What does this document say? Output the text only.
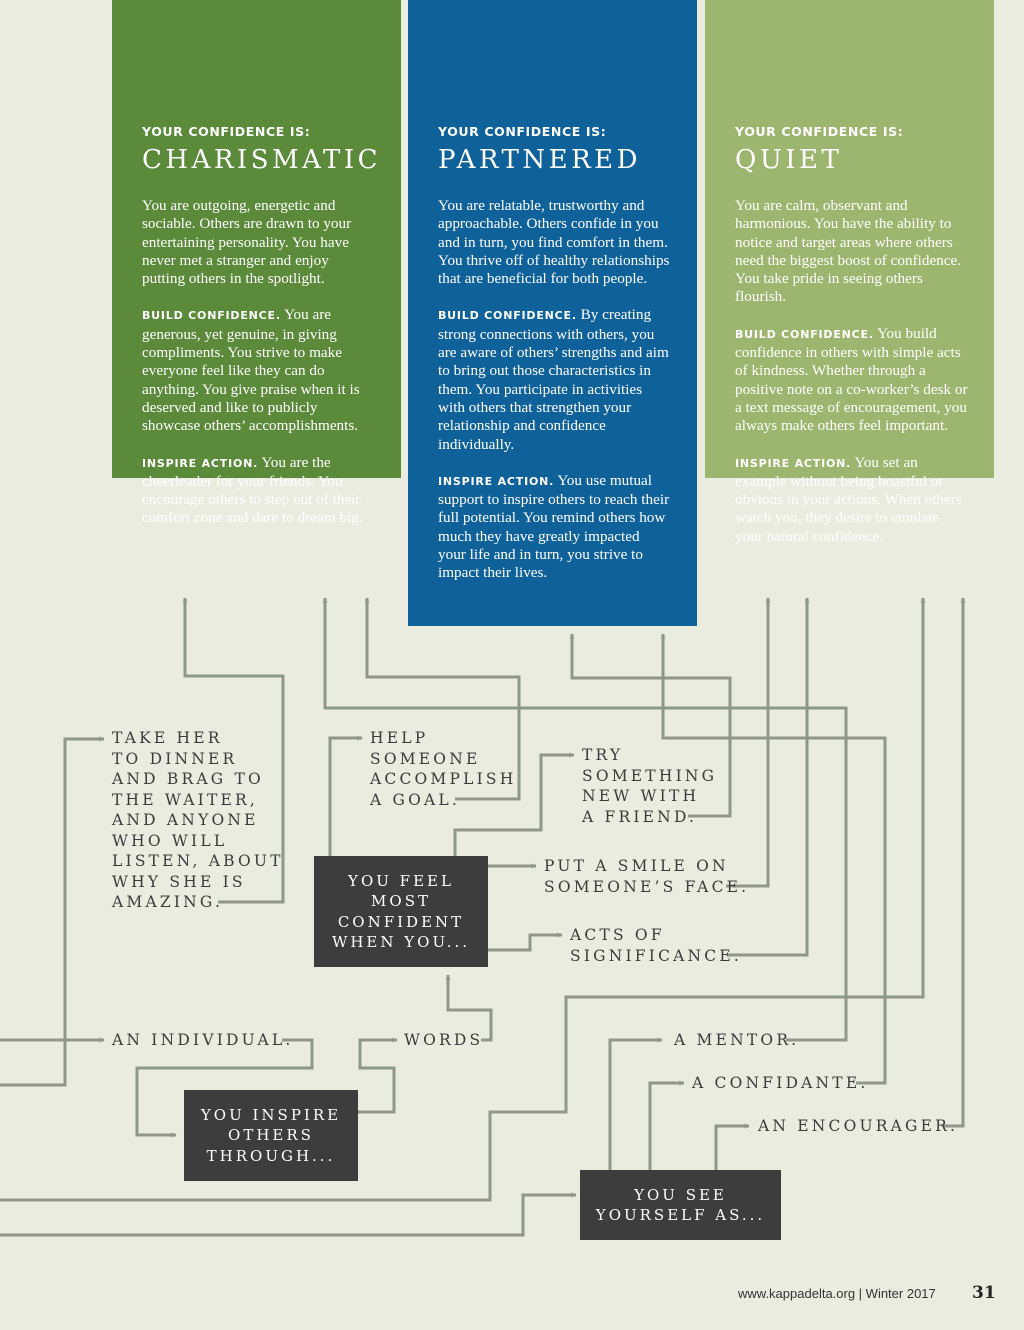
YOUR CONFIDENCE IS:
CHARISMATIC

You are outgoing, energetic and sociable. Others are drawn to your entertaining personality. You have never met a stranger and enjoy putting others in the spotlight.

BUILD CONFIDENCE. You are generous, yet genuine, in giving compliments. You strive to make everyone feel like they can do anything. You give praise when it is deserved and like to publicly showcase others’ accomplishments.

INSPIRE ACTION. You are the cheerleader for your friends. You encourage others to step out of their comfort zone and dare to dream big.

YOUR CONFIDENCE IS:
PARTNERED

You are relatable, trustworthy and approachable. Others confide in you and in turn, you find comfort in them. You thrive off of healthy relationships that are beneficial for both people.

BUILD CONFIDENCE. By creating strong connections with others, you are aware of others’ strengths and aim to bring out those characteristics in them. You participate in activities with others that strengthen your relationship and confidence individually.

INSPIRE ACTION. You use mutual support to inspire others to reach their full potential. You remind others how much they have greatly impacted your life and in turn, you strive to impact their lives.

YOUR CONFIDENCE IS:
QUIET

You are calm, observant and harmonious. You have the ability to notice and target areas where others need the biggest boost of confidence. You take pride in seeing others flourish.

BUILD CONFIDENCE. You build confidence in others with simple acts of kindness. Whether through a positive note on a co-worker’s desk or a text message of encouragement, you always make others feel important.

INSPIRE ACTION. You set an example without being boastful or obvious in your actions. When others watch you, they desire to emulate your natural confidence.

YOU FEEL
MOST
CONFIDENT
WHEN YOU...
YOU INSPIRE
OTHERS
THROUGH...
YOU SEE
YOURSELF AS...
TAKE HER
TO DINNER
AND BRAG TO
THE WAITER,
AND ANYONE
WHO WILL
LISTEN, ABOUT
WHY SHE IS
AMAZING.
HELP
SOMEONE
ACCOMPLISH
A GOAL.
TRY
SOMETHING
NEW WITH
A FRIEND.
PUT A SMILE ON
SOMEONE’S FACE.
ACTS OF
SIGNIFICANCE.
AN INDIVIDUAL.	WORDS	A MENTOR.
A CONFIDANTE.
AN ENCOURAGER.
www.kappadelta.org | Winter 2017 31
